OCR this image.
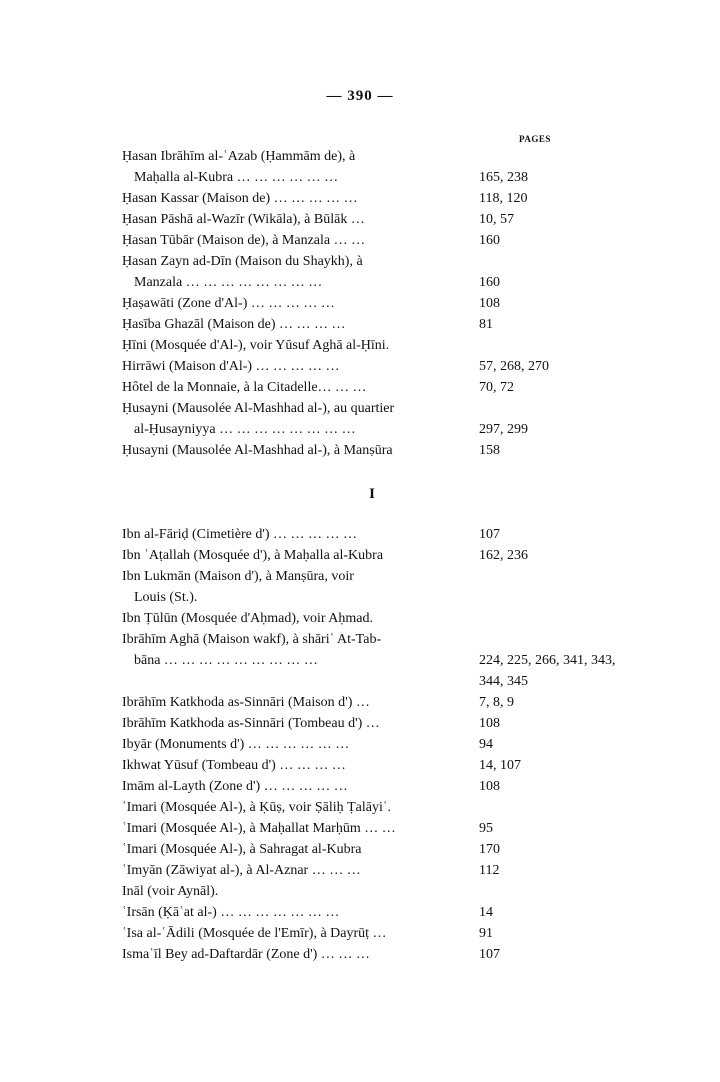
— 390 —
PAGES
Ḥasan Ibrāhīm al-ʿAzab (Ḥammām de), à
Maḥalla al-Kubra … … … … … …	165, 238
Ḥasan Kassar (Maison de) … … … … …	118, 120
Ḥasan Pāshā al-Wazīr (Wikāla), à Būlāk …	10, 57
Ḥasan Tūbār (Maison de), à Manzala … …	160
Ḥasan Zayn ad-Dīn (Maison du Shaykh), à
Manzala … … … … … … … …	160
Ḥaṣawāti (Zone d'Al-) … … … … …	108
Ḥasība Ghazāl (Maison de) … … … …	81
Ḥīni (Mosquée d'Al-), voir Yūsuf Aghā al-Ḥīni.
Hirrāwi (Maison d'Al-) … … … … …	57, 268, 270
Hôtel de la Monnaie, à la Citadelle… … …	70, 72
Ḥusayni (Mausolée Al-Mashhad al-), au quartier
al-Ḥusayniyya … … … … … … … …	297, 299
Ḥusayni (Mausolée Al-Mashhad al-), à Manṣūra	158
I
Ibn al-Fāriḍ (Cimetière d') … … … … …	107
Ibn ʿAṭallah (Mosquée d'), à Maḥalla al-Kubra	162, 236
Ibn Lukmān (Maison d'), à Manṣūra, voir
Louis (St.).
Ibn Ṭūlūn (Mosquée d'Aḥmad), voir Aḥmad.
Ibrāhīm Aghā (Maison wakf), à shāriʿ At-Tab-
bāna … … … … … … … … …	224, 225, 266, 341, 343, 344, 345

Ibrāhīm Katkhoda as-Sinnāri (Maison d') …	7, 8, 9
Ibrāhīm Katkhoda as-Sinnāri (Tombeau d') …	108
Ibyār (Monuments d') … … … … … …	94
Ikhwat Yūsuf (Tombeau d') … … … …	14, 107
Imām al-Layth (Zone d') … … … … …	108
ʿImari (Mosquée Al-), à Ḳūṣ, voir Ṣāliḥ Ṭalāyiʿ.
ʿImari (Mosquée Al-), à Maḥallat Marḥūm … …	95
ʿImari (Mosquée Al-), à Sahragat al-Kubra	170
ʿImyān (Zāwiyat al-), à Al-Aznar … … …	112
Ināl (voir Aynāl).
ʿIrsān (Ḳāʿat al-) … … … … … … …	14
ʿIsa al-ʿĀdili (Mosquée de l'Emīr), à Dayrūṭ …	91
Ismaʿīl Bey ad-Daftardār (Zone d') … … …	107
